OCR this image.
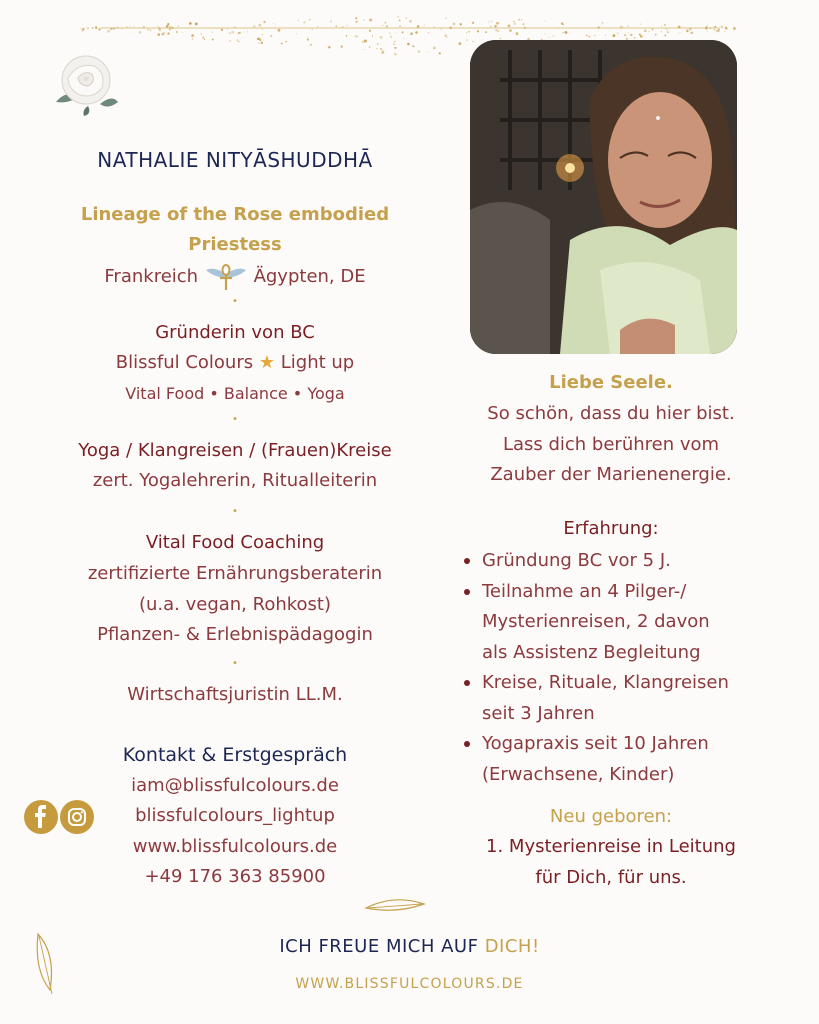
NATHALIE NITYĀSHUDDHĀ
Lineage of the Rose embodied
Priestess
Frankreich	Ägypten, DE
•
Gründerin von BC
Blissful Colours ★ Light up
Vital Food • Balance • Yoga
•
Yoga / Klangreisen / (Frauen)Kreise
zert. Yogalehrerin, Ritualleiterin
•
Vital Food Coaching
zertifizierte Ernährungsberaterin
(u.a. vegan, Rohkost)
Pflanzen- & Erlebnispädagogin
•
Wirtschaftsjuristin LL.M.
Kontakt & Erstgespräch
iam@blissfulcolours.de
blissfulcolours_lightup
www.blissfulcolours.de
+49 176 363 85900
Liebe Seele.
So schön, dass du hier bist.
Lass dich berühren vom
Zauber der Marienenergie.
Erfahrung:
Gründung BC vor 5 J.
Teilnahme an 4 Pilger-/
Mysterienreisen, 2 davon
als Assistenz Begleitung
Kreise, Rituale, Klangreisen
seit 3 Jahren
Yogapraxis seit 10 Jahren
(Erwachsene, Kinder)
Neu geboren:
1. Mysterienreise in Leitung
für Dich, für uns.
ICH FREUE MICH AUF DICH!
WWW.BLISSFULCOLOURS.DE
